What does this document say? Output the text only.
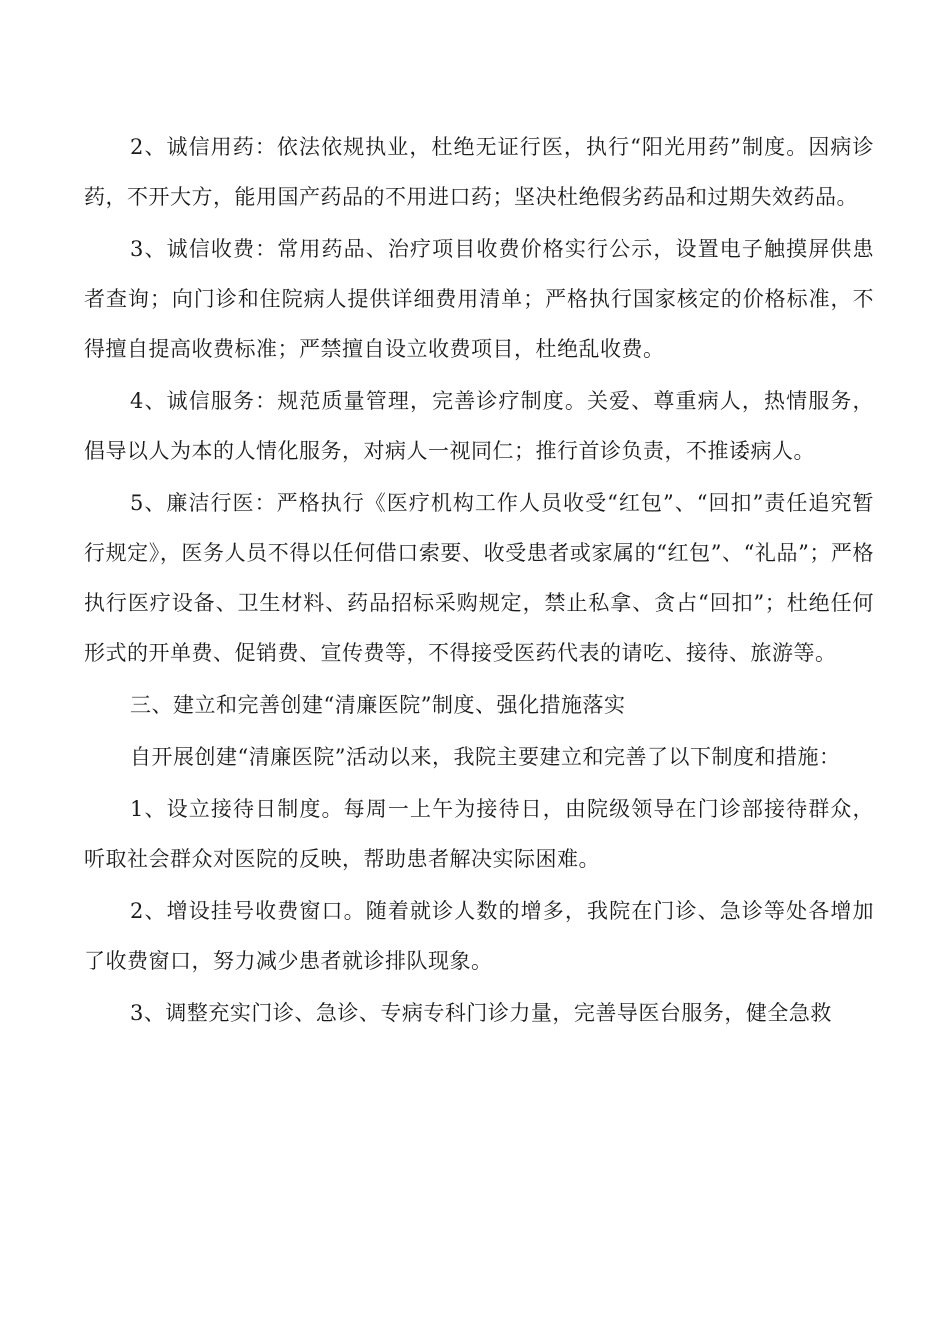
2、诚信用药：依法依规执业，杜绝无证行医，执行“阳光用药”制度。因病诊药，不开大方，能用国产药品的不用进口药；坚决杜绝假劣药品和过期失效药品。

3、诚信收费：常用药品、治疗项目收费价格实行公示，设置电子触摸屏供患者查询；向门诊和住院病人提供详细费用清单；严格执行国家核定的价格标准，不得擅自提高收费标准；严禁擅自设立收费项目，杜绝乱收费。

4、诚信服务：规范质量管理，完善诊疗制度。关爱、尊重病人，热情服务，倡导以人为本的人情化服务，对病人一视同仁；推行首诊负责，不推诿病人。

5、廉洁行医：严格执行《医疗机构工作人员收受“红包”、“回扣”责任追究暂行规定》，医务人员不得以任何借口索要、收受患者或家属的“红包”、“礼品”；严格执行医疗设备、卫生材料、药品招标采购规定，禁止私拿、贪占“回扣”；杜绝任何形式的开单费、促销费、宣传费等，不得接受医药代表的请吃、接待、旅游等。

三、建立和完善创建“清廉医院”制度、强化措施落实

自开展创建“清廉医院”活动以来，我院主要建立和完善了以下制度和措施：

1、设立接待日制度。每周一上午为接待日，由院级领导在门诊部接待群众，听取社会群众对医院的反映，帮助患者解决实际困难。

2、增设挂号收费窗口。随着就诊人数的增多，我院在门诊、急诊等处各增加了收费窗口，努力减少患者就诊排队现象。

3、调整充实门诊、急诊、专病专科门诊力量，完善导医台服务，健全急救
